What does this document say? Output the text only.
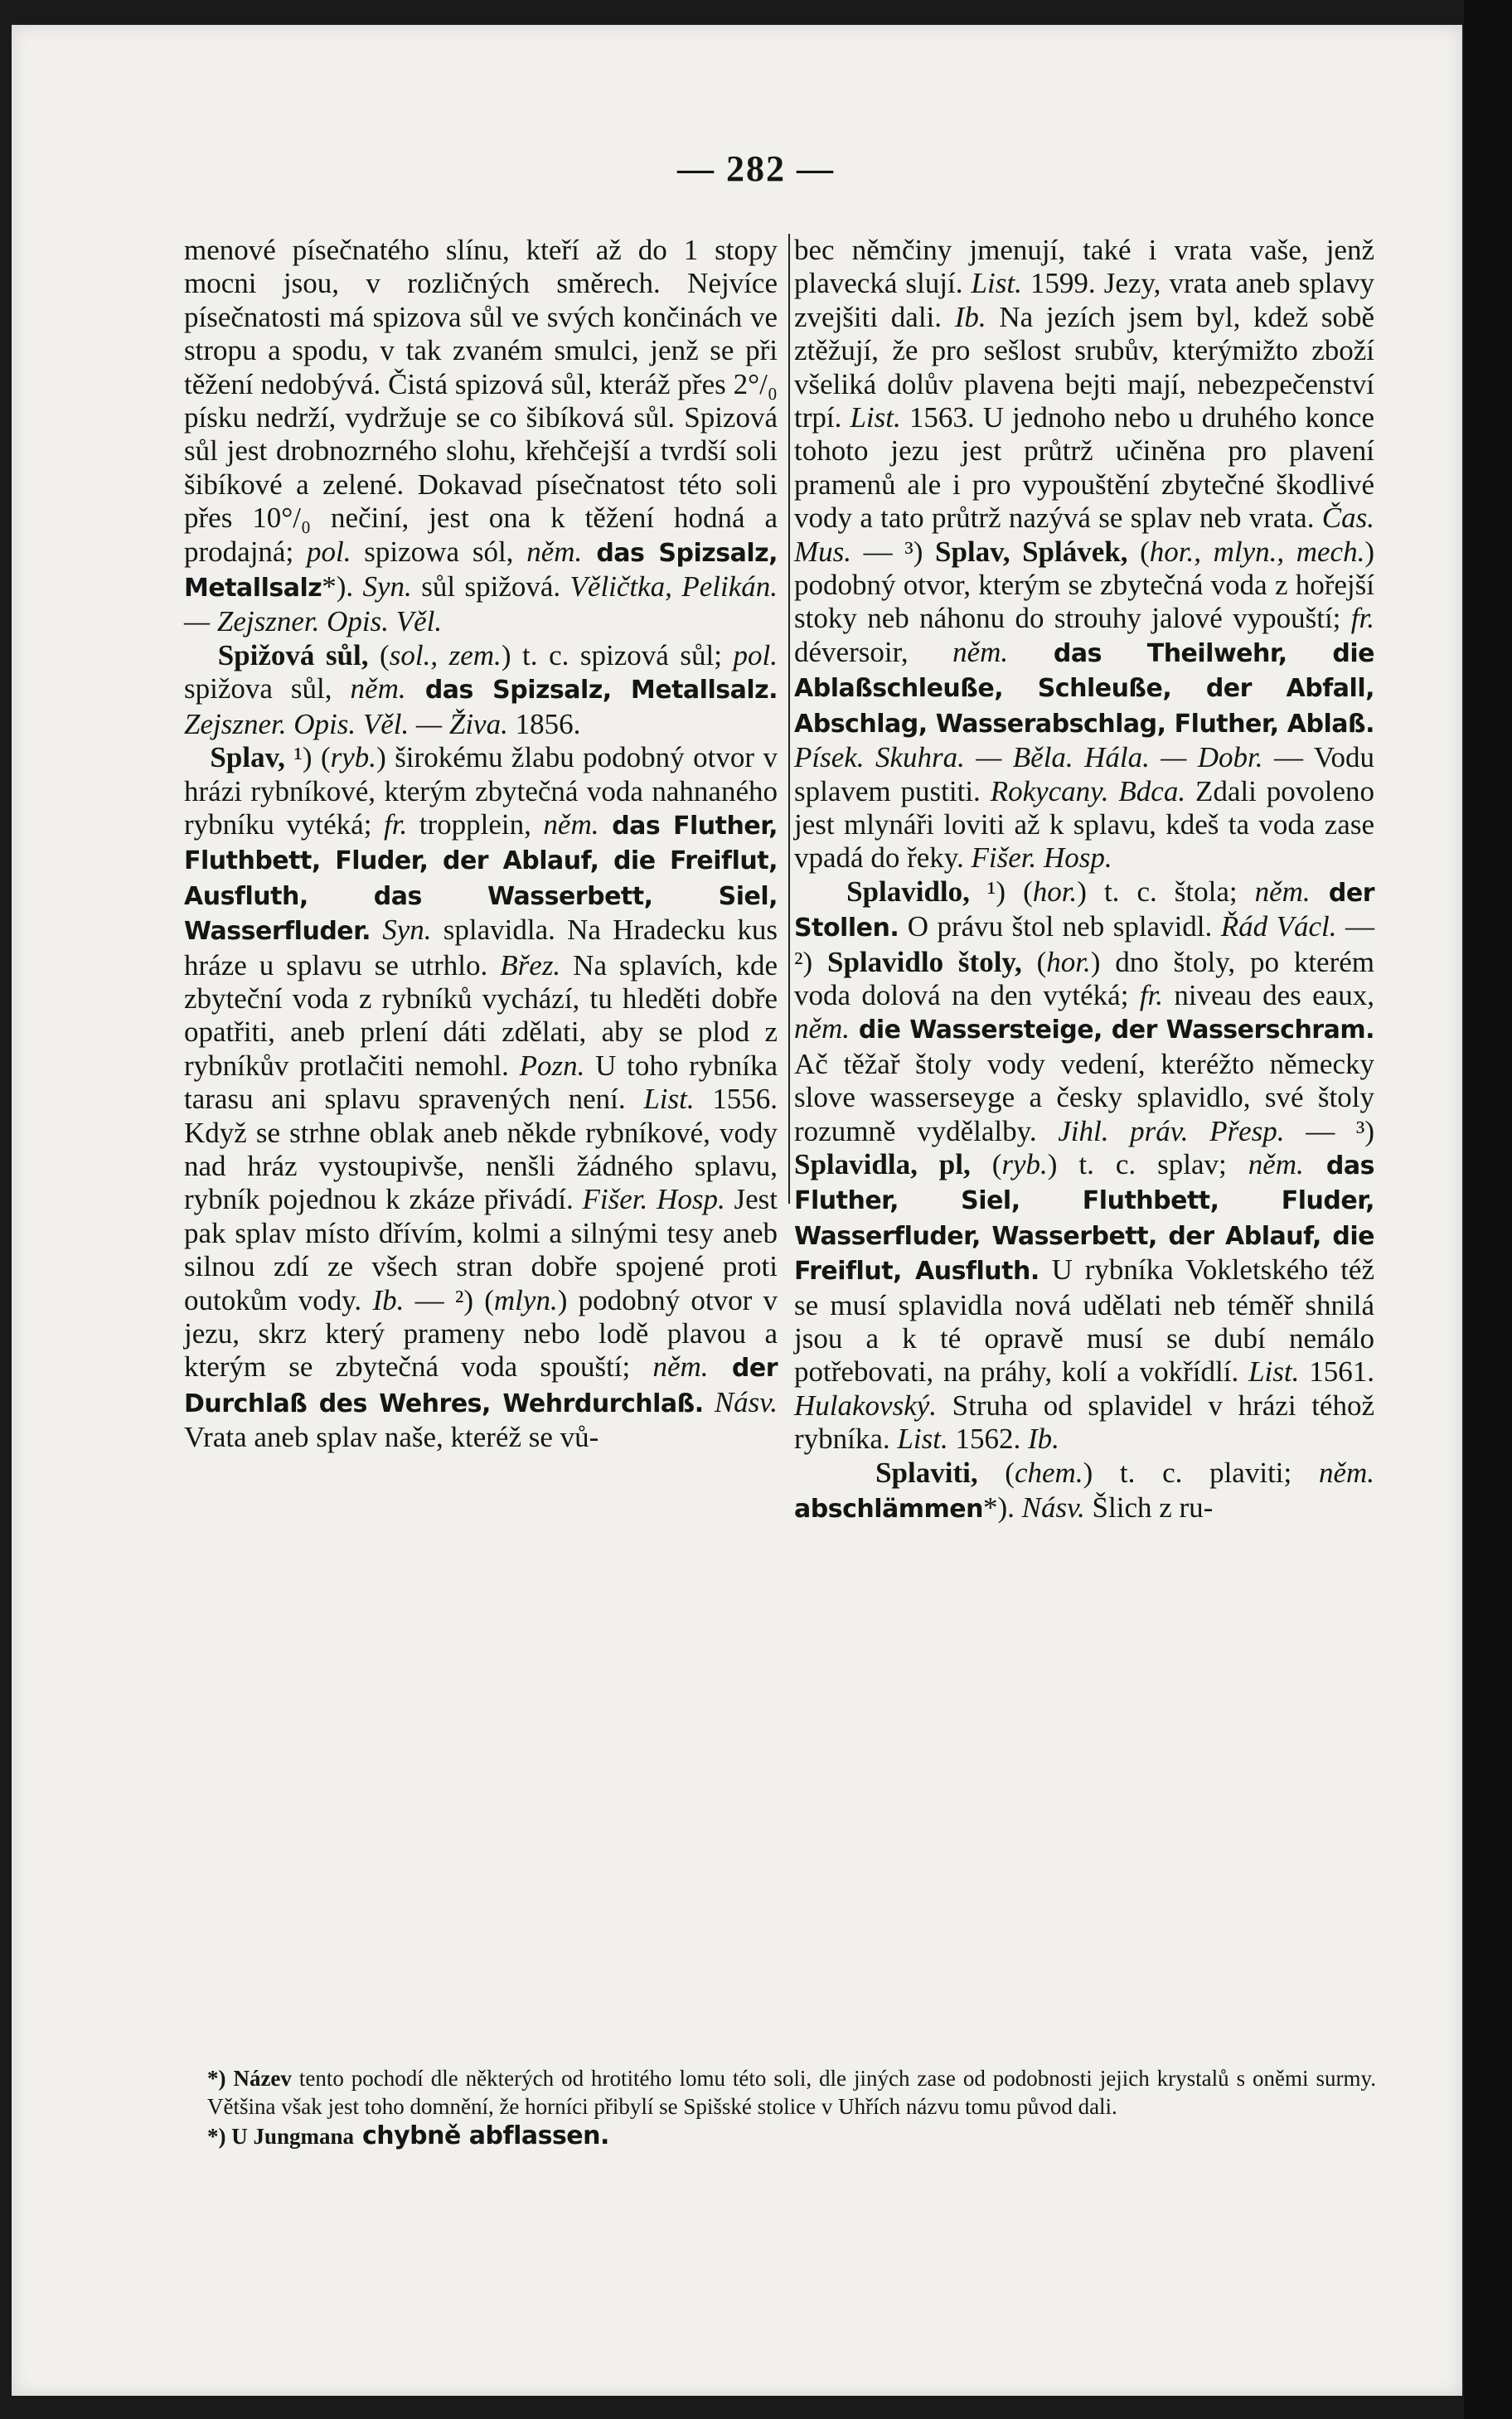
— 282 —

menové písečnatého slínu, kteří až do 1 stopy mocni jsou, v rozličných směrech. Nejvíce písečnatosti má spizova sůl ve svých končinách ve stropu a spodu, v tak zvaném smulci, jenž se při těžení nedobývá. Čistá spizová sůl, kteráž přes 2°/₀ písku nedrží, vydržuje se co šibíková sůl. Spizová sůl jest drobnozrného slohu, křehčejší a tvrdší soli šibíkové a zelené. Dokavad písečnatost této soli přes 10°/₀ nečiní, jest ona k těžení hodná a prodajná; pol. spizowa sól, něm. das Spizsalz, Metallsalz*). Syn. sůl spižová. Věličtka, Pelikán. — Zejszner. Opis. Věl.

Spižová sůl, (sol., zem.) t. c. spizová sůl; pol. spižova sůl, něm. das Spizsalz, Metallsalz. Zejszner. Opis. Věl. — Živa. 1856.

Splav, ¹) (ryb.) širokému žlabu podobný otvor v hrázi rybníkové, kterým zbytečná voda nahnaného rybníku vytéká; fr. tropplein, něm. das Fluther, Fluthbett, Fluder, der Ablauf, die Freiflut, Ausfluth, das Wasserbett, Siel, Wasserfluder. Syn. splavidla. Na Hradecku kus hráze u splavu se utrhlo. Břez. Na splavích, kde zbyteční voda z rybníků vychází, tu hleděti dobře opatřiti, aneb prlení dáti zdělati, aby se plod z rybníkův protlačiti nemohl. Pozn. U toho rybníka tarasu ani splavu spravených není. List. 1556. Když se strhne oblak aneb někde rybníkové, vody nad hráz vystoupivše, nenšli žádného splavu, rybník pojednou k zkáze přivádí. Fišer. Hosp. Jest pak splav místo dřívím, kolmi a silnými tesy aneb silnou zdí ze všech stran dobře spojené proti outokům vody. Ib. — ²) (mlyn.) podobný otvor v jezu, skrz který prameny nebo lodě plavou a kterým se zbytečná voda spouští; něm. der Durchlaß des Wehres, Wehrdurchlaß. Násv. Vrata aneb splav naše, kteréž se vů-

bec němčiny jmenují, také i vrata vaše, jenž plavecká slují. List. 1599. Jezy, vrata aneb splavy zvejšiti dali. Ib. Na jezích jsem byl, kdež sobě ztěžují, že pro sešlost srubův, kterýmižto zboží všeliká dolův plavena bejti mají, nebezpečenství trpí. List. 1563. U jednoho nebo u druhého konce tohoto jezu jest průtrž učiněna pro plavení pramenů ale i pro vypouštění zbytečné škodlivé vody a tato průtrž nazývá se splav neb vrata. Čas. Mus. — ³) Splav, Splávek, (hor., mlyn., mech.) podobný otvor, kterým se zbytečná voda z hořejší stoky neb náhonu do strouhy jalové vypouští; fr. déversoir, něm. das Theilwehr, die Ablaßschleuße, Schleuße, der Abfall, Abschlag, Wasserabschlag, Fluther, Ablaß. Písek. Skuhra. — Běla. Hála. — Dobr. — Vodu splavem pustiti. Rokycany. Bdca. Zdali povoleno jest mlynáři loviti až k splavu, kdeš ta voda zase vpadá do řeky. Fišer. Hosp.

Splavidlo, ¹) (hor.) t. c. štola; něm. der Stollen. O právu štol neb splavidl. Řád Václ. — ²) Splavidlo štoly, (hor.) dno štoly, po kterém voda dolová na den vytéká; fr. niveau des eaux, něm. die Wassersteige, der Wasserschram. Ač těžař štoly vody vedení, kteréžto německy slove wasserseyge a česky splavidlo, své štoly rozumně vydělalby. Jihl. práv. Přesp. — ³) Splavidla, pl, (ryb.) t. c. splav; něm. das Fluther, Siel, Fluthbett, Fluder, Wasserfluder, Wasserbett, der Ablauf, die Freiflut, Ausfluth. U rybníka Vokletského též se musí splavidla nová udělati neb téměř shnilá jsou a k té opravě musí se dubí nemálo potřebovati, na práhy, kolí a vokřídlí. List. 1561. Hulakovský. Struha od splavidel v hrázi téhož rybníka. List. 1562. Ib.

Splaviti, (chem.) t. c. plaviti; něm. abschlämmen*). Násv. Šlich z ru-

*) Název tento pochodí dle některých od hrotitého lomu této soli, dle jiných zase od podobnosti jejich krystalů s oněmi surmy. Většina však jest toho domnění, že horníci přibylí se Spišské stolice v Uhřích názvu tomu původ dali.

*) U Jungmana chybně abflassen.
